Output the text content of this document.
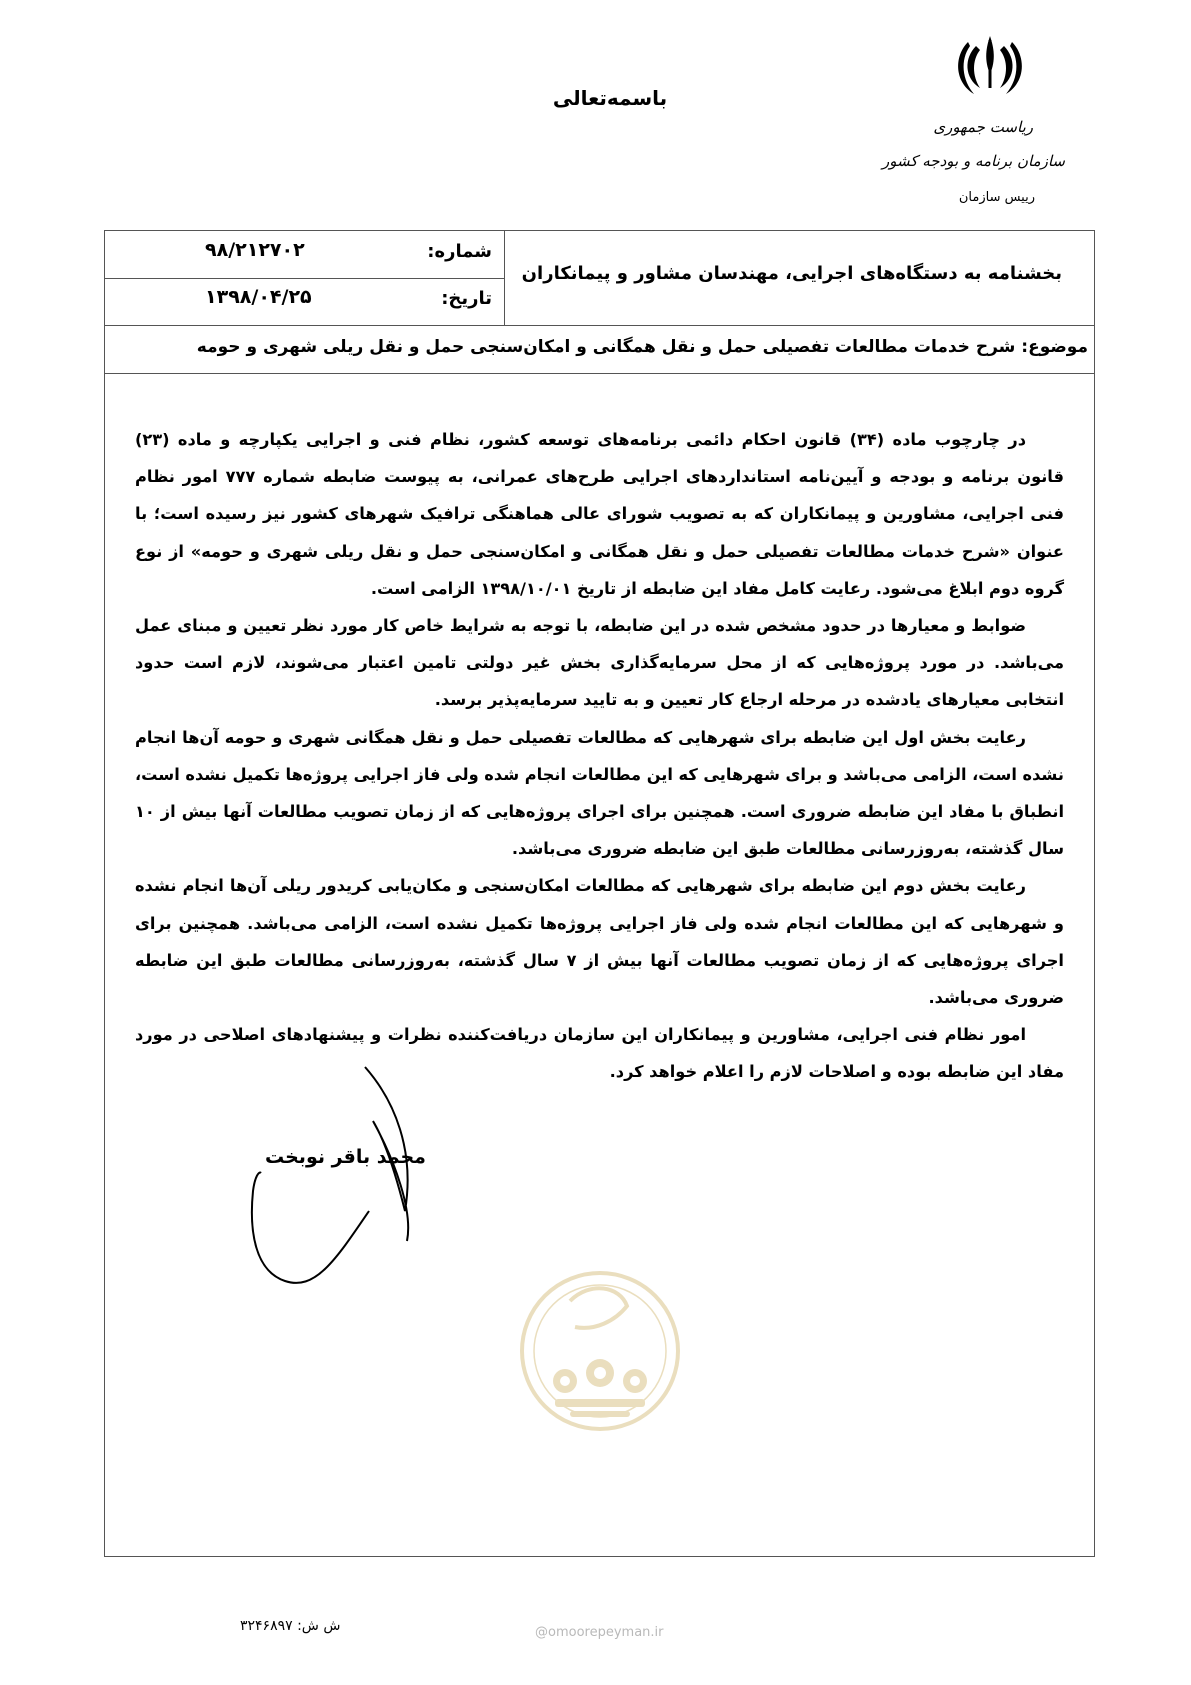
باسمه‌تعالی
ریاست جمهوری
سازمان برنامه و بودجه کشور
رییس سازمان
شماره:
۹۸/۲۱۲۷۰۲
تاریخ:
۱۳۹۸/۰۴/۲۵
بخشنامه به دستگاه‌های اجرایی، مهندسان مشاور و پیمانکاران
موضوع: شرح خدمات مطالعات تفصیلی حمل و نقل همگانی و امکان‌سنجی حمل و نقل ریلی شهری و حومه

در چارچوب ماده (۳۴) قانون احکام دائمی برنامه‌های توسعه کشور، نظام فنی و اجرایی یکپارچه و ماده (۲۳) قانون برنامه و بودجه و آیین‌نامه استانداردهای اجرایی طرح‌های عمرانی، به پیوست ضابطه شماره ۷۷۷ امور نظام فنی اجرایی، مشاورین و پیمانکاران که به تصویب شورای عالی هماهنگی ترافیک شهرهای کشور نیز رسیده است؛ با عنوان «شرح خدمات مطالعات تفصیلی حمل و نقل همگانی و امکان‌سنجی حمل و نقل ریلی شهری و حومه» از نوع گروه دوم ابلاغ می‌شود. رعایت کامل مفاد این ضابطه از تاریخ ۱۳۹۸/۱۰/۰۱ الزامی است.

ضوابط و معیارها در حدود مشخص شده در این ضابطه، با توجه به شرایط خاص کار مورد نظر تعیین و مبنای عمل می‌باشد. در مورد پروژه‌هایی که از محل سرمایه‌گذاری بخش غیر دولتی تامین اعتبار می‌شوند، لازم است حدود انتخابی معیارهای یادشده در مرحله ارجاع کار تعیین و به تایید سرمایه‌پذیر برسد.

رعایت بخش اول این ضابطه برای شهرهایی که مطالعات تفصیلی حمل و نقل همگانی شهری و حومه آن‌ها انجام نشده است، الزامی می‌باشد و برای شهرهایی که این مطالعات انجام شده ولی فاز اجرایی پروژه‌ها تکمیل نشده است، انطباق با مفاد این ضابطه ضروری است. همچنین برای اجرای پروژه‌هایی که از زمان تصویب مطالعات آنها بیش از ۱۰ سال گذشته، به‌روزرسانی مطالعات طبق این ضابطه ضروری می‌باشد.

رعایت بخش دوم این ضابطه برای شهرهایی که مطالعات امکان‌سنجی و مکان‌یابی کریدور ریلی آن‌ها انجام نشده و شهرهایی که این مطالعات انجام شده ولی فاز اجرایی پروژه‌ها تکمیل نشده است، الزامی می‌باشد. همچنین برای اجرای پروژه‌هایی که از زمان تصویب مطالعات آنها بیش از ۷ سال گذشته، به‌روزرسانی مطالعات طبق این ضابطه ضروری می‌باشد.

امور نظام فنی اجرایی، مشاورین و پیمانکاران این سازمان دریافت‌کننده نظرات و پیشنهادهای اصلاحی در مورد مفاد این ضابطه بوده و اصلاحات لازم را اعلام خواهد کرد.

محمد باقر نوبخت
ش ش: ۳۲۴۶۸۹۷	@omoorepeyman.ir
